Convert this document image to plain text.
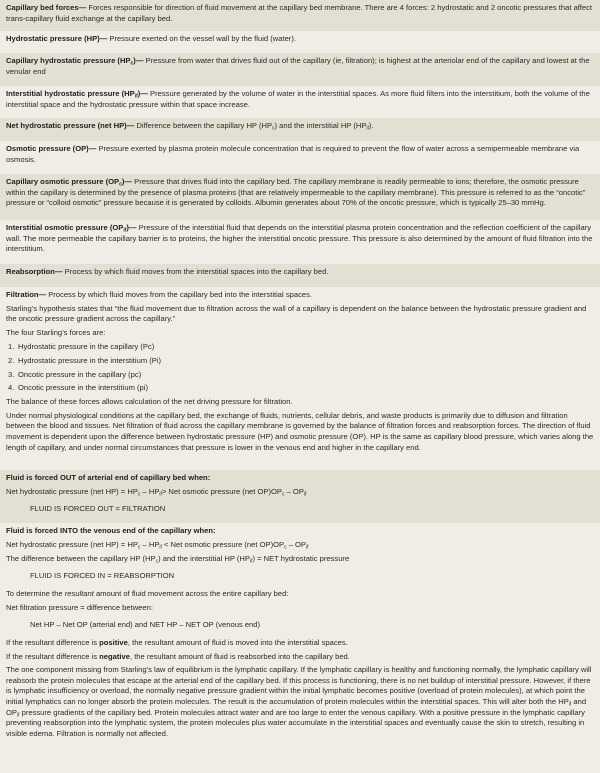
Capillary bed forces— Forces responsible for direction of fluid movement at the capillary bed membrane. There are 4 forces: 2 hydrostatic and 2 oncotic pressures that affect trans-capillary fluid exchange at the capillary bed.
Hydrostatic pressure (HP)— Pressure exerted on the vessel wall by the fluid (water).
Capillary hydrostatic pressure $(HP_c)—$ Pressure from water that drives fluid out of the capillary (ie, filtration); is highest at the arteriolar end of the capillary and lowest at the venular end
Interstitial hydrostatic pressure $(HP_{if})—$ Pressure generated by the volume of water in the interstitial spaces. As more fluid filters into the interstitium, both the volume of the interstitial space and the hydrostatic pressure within that space increase.
Net hydrostatic pressure (net HP)— Difference between the capillary HP $(HP_c)$ and the interstitial HP $(HP_{if})$.
Osmotic pressure (OP)— Pressure exerted by plasma protein molecule concentration that is required to prevent the flow of water across a semipermeable membrane via osmosis.
Capillary osmotic pressure $(OP_c)—$ Pressure that drives fluid into the capillary bed. The capillary membrane is readily permeable to ions; therefore, the osmotic pressure within the capillary is determined by the presence of plasma proteins (that are relatively impermeable to the capillary membrane). This pressure is referred to as the “oncotic” pressure or “colloid osmotic” pressure because it is generated by colloids. Albumin generates about 70% of the oncotic pressure, which is typically 25–30 mmHg.
Interstitial osmotic pressure $(OP_{if})—$ Pressure of the interstitial fluid that depends on the interstitial plasma protein concentration and the reflection coefficient of the capillary wall. The more permeable the capillary barrier is to proteins, the higher the interstitial oncotic pressure. This pressure is also determined by the amount of fluid filtration into the interstitium.
Reabsorption— Process by which fluid moves from the interstitial spaces into the capillary bed.

Filtration— Process by which fluid moves from the capillary bed into the interstitial spaces.

Starling’s hypothesis states that “the fluid movement due to filtration across the wall of a capillary is dependent on the balance between the hydrostatic pressure gradient and the oncotic pressure gradient across the capillary.”

The four Starling’s forces are:

1. Hydrostatic pressure in the capillary (Pc)

2. Hydrostatic pressure in the interstitium (Pi)

3. Oncotic pressure in the capillary (pc)

4. Oncotic pressure in the interstitium (pi)

The balance of these forces allows calculation of the net driving pressure for filtration.

Under normal physiological conditions at the capillary bed, the exchange of fluids, nutrients, cellular debris, and waste products is primarily due to diffusion and filtration between the blood and tissues. Net filtration of fluid across the capillary membrane is governed by the balance of filtration forces and reabsorption forces. The direction of fluid movement is dependent upon the difference between hydrostatic pressure (HP) and osmotic pressure (OP). HP is the same as capillary blood pressure, which varies along the length of capillary, and under normal circumstances that pressure is lower in the venous end and higher in the capillary end.

Fluid is forced OUT of arterial end of capillary bed when:

Net hydrostatic pressure (net $HP) = HP_c - HP_{if}>$ Net osmotic pressure (net $OP)OP_c - OP_{if}$

FLUID IS FORCED OUT = FILTRATION

Fluid is forced INTO the venous end of the capillary when:

Net hydrostatic pressure (net $HP) = HP_c - HP_{if}$ < Net osmotic pressure (net $OP)OP_c - OP_{if}$

The difference between the capillary HP $(HP_c)$ and the interstitial HP $(HP_{if})$ = NET hydrostatic pressure

FLUID IS FORCED IN = REABSORPTION

To determine the resultant amount of fluid movement across the entire capillary bed:

Net filtration pressure = difference between:

Net HP – Net OP (arterial end) and NET HP – NET OP (venous end)

If the resultant difference is positive, the resultant amount of fluid is moved into the interstitial spaces.

If the resultant difference is negative, the resultant amount of fluid is reabsorbed into the capillary bed.

The one component missing from Starling’s law of equilibrium is the lymphatic capillary. If the lymphatic capillary is healthy and functioning normally, the lymphatic capillary will reabsorb the protein molecules that escape at the arterial end of the capillary bed. If this process is functioning, there is no net buildup of interstitial pressure. However, if there is lymphatic insufficiency or overload, the normally negative pressure gradient within the initial lymphatic becomes positive (overload of protein molecules), at which point the initial lymphatics can no longer absorb the protein molecules. The result is the accumulation of protein molecules within the interstitial spaces. This will alter both the $HP_{if}$ and $OP_{if}$ pressure gradients of the capillary bed. Protein molecules attract water and are too large to enter the venous capillary. With a positive pressure in the lymphatic capillary preventing reabsorption into the lymphatic system, the protein molecules plus water accumulate in the interstitial spaces and eventually cause the skin to stretch, resulting in visible edema. Filtration is normally not affected.
